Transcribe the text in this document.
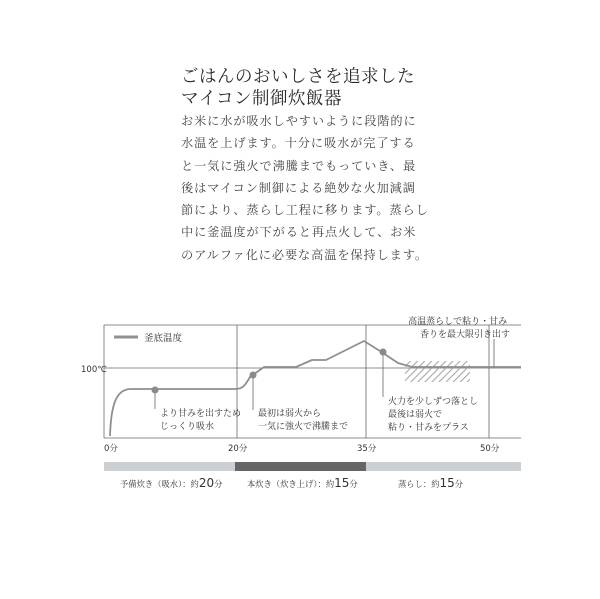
ごはんのおいしさを追求した
マイコン制御炊飯器
お米に水が吸水しやすいように段階的に
水温を上げます。十分に吸水が完了する
と一気に強火で沸騰までもっていき、最
後はマイコン制御による絶妙な火加減調
節により、蒸らし工程に移ります。蒸らし
中に釜温度が下がると再点火して、お米
のアルファ化に必要な高温を保持します。
釜底温度
100℃
0分	20分	35分	50分
より甘みを出すため じっくり吸水
最初は弱火から 一気に強火で沸騰まで
火力を少しずつ落とし 最後は弱火で 粘り・甘みをプラス
高温蒸らしで粘り・甘み 香りを最大限引き出す
予備炊き（吸水）：約20分	本炊き（炊き上げ）：約15分	蒸らし：約15分
